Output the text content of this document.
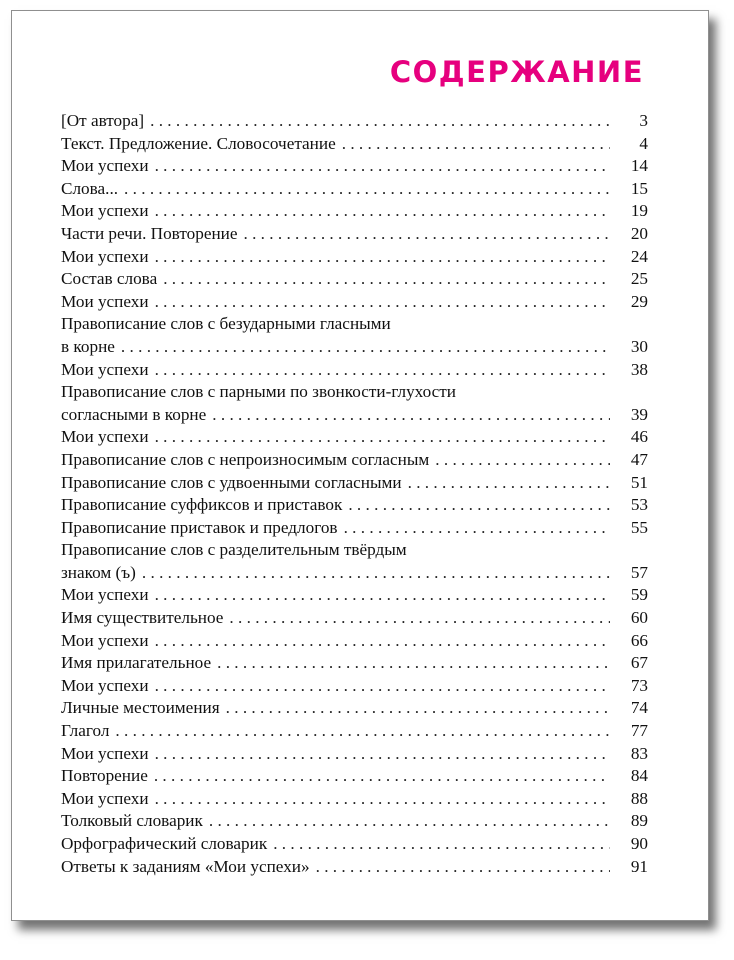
СОДЕРЖАНИЕ
[От автора] . . .	3
Текст. Предложение. Словосочетание . . .	4
Мои успехи . . .	14
Слова... . . .	15
Мои успехи . . .	19
Части речи. Повторение . . .	20
Мои успехи . . .	24
Состав слова . . .	25
Мои успехи . . .	29
Правописание слов с безударными гласными
в корне . . .	30
Мои успехи . . .	38
Правописание слов с парными по звонкости-глухости
согласными в корне . . .	39
Мои успехи . . .	46
Правописание слов с непроизносимым согласным . . .	47
Правописание слов с удвоенными согласными . . .	51
Правописание суффиксов и приставок . . .	53
Правописание приставок и предлогов . . .	55
Правописание слов с разделительным твёрдым
знаком (ъ) . . .	57
Мои успехи . . .	59
Имя существительное . . .	60
Мои успехи . . .	66
Имя прилагательное . . .	67
Мои успехи . . .	73
Личные местоимения . . .	74
Глагол . . .	77
Мои успехи . . .	83
Повторение . . .	84
Мои успехи . . .	88
Толковый словарик . . .	89
Орфографический словарик . . .	90
Ответы к заданиям «Мои успехи» . . .	91
